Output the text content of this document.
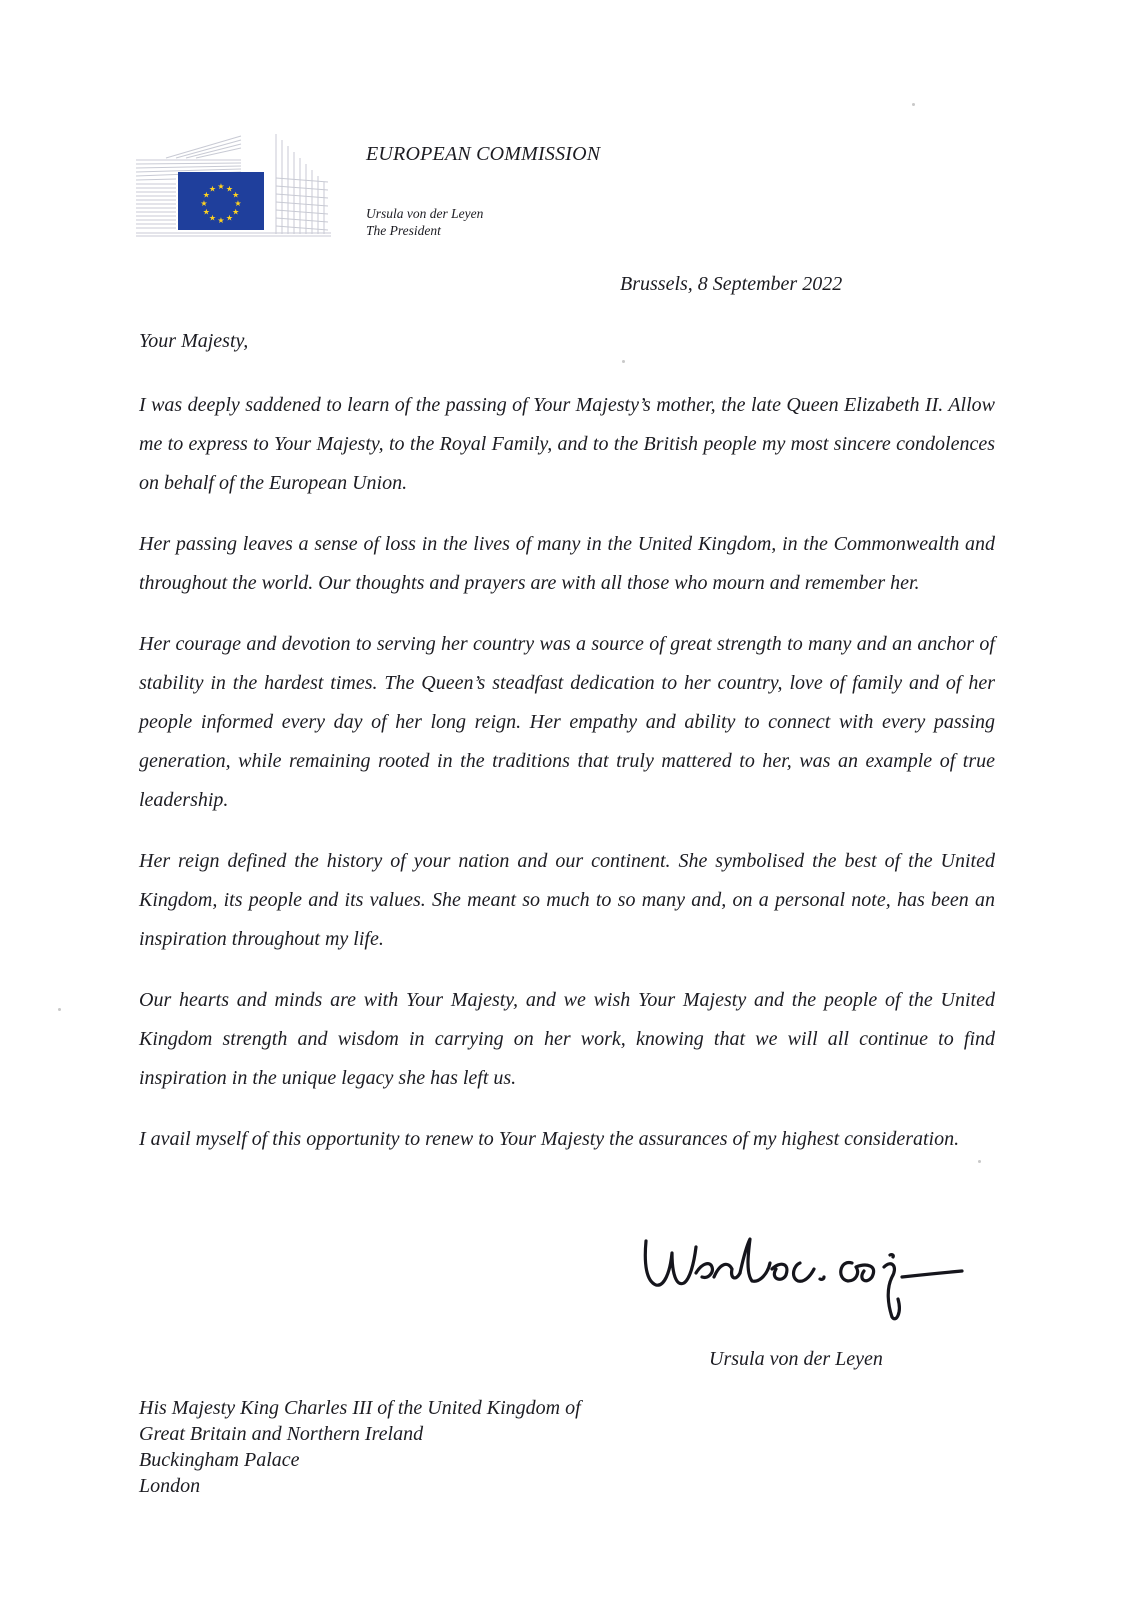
★ ★
★
★
★
★
★
★
★
★
★
★
EUROPEAN COMMISSION
Ursula von der Leyen
The President
Brussels, 8 September 2022
Your Majesty,

I was deeply saddened to learn of the passing of Your Majesty’s mother, the late Queen Elizabeth II. Allow me to express to Your Majesty, to the Royal Family, and to the British people my most sincere condolences on behalf of the European Union.

Her passing leaves a sense of loss in the lives of many in the United Kingdom, in the Commonwealth and throughout the world. Our thoughts and prayers are with all those who mourn and remember her.

Her courage and devotion to serving her country was a source of great strength to many and an anchor of stability in the hardest times. The Queen’s steadfast dedication to her country, love of family and of her people informed every day of her long reign. Her empathy and ability to connect with every passing generation, while remaining rooted in the traditions that truly mattered to her, was an example of true leadership.

Her reign defined the history of your nation and our continent. She symbolised the best of the United Kingdom, its people and its values. She meant so much to so many and, on a personal note, has been an inspiration throughout my life.

Our hearts and minds are with Your Majesty, and we wish Your Majesty and the people of the United Kingdom strength and wisdom in carrying on her work, knowing that we will all continue to find inspiration in the unique legacy she has left us.

I avail myself of this opportunity to renew to Your Majesty the assurances of my highest consideration.

Ursula von der Leyen
His Majesty King Charles III of the United Kingdom of
Great Britain and Northern Ireland
Buckingham Palace
London
